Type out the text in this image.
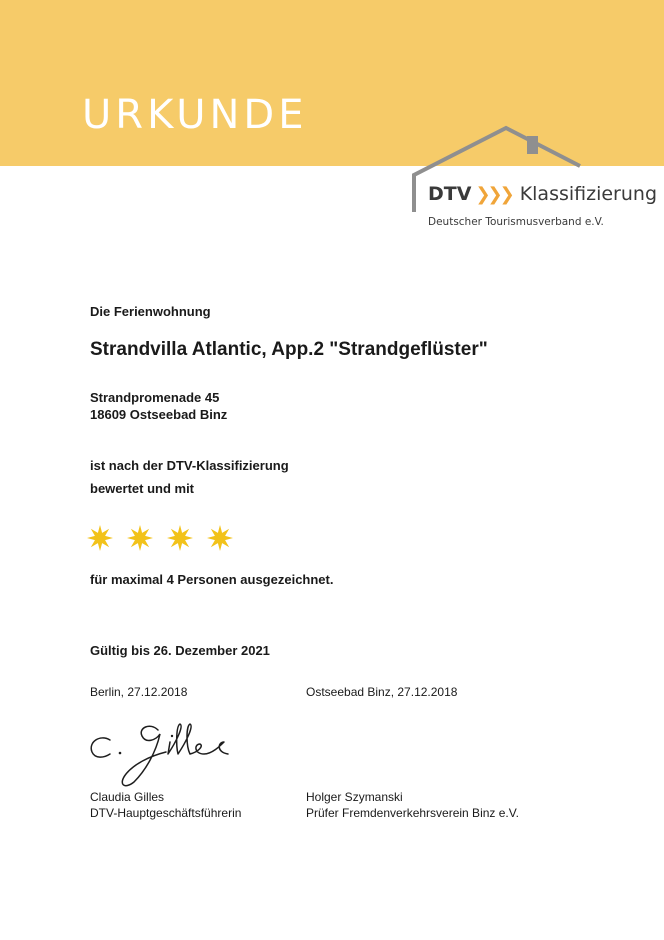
URKUNDE
DTV ❯❯❯ Klassifizierung
Deutscher Tourismusverband e.V.

Die Ferienwohnung

Strandvilla Atlantic, App.2 "Strandgeflüster"

Strandpromenade 45

18609 Ostseebad Binz

ist nach der DTV-Klassifizierung

bewertet und mit

für maximal 4 Personen ausgezeichnet.

Gültig bis 26. Dezember 2021

Berlin, 27.12.2018	Ostseebad Binz, 27.12.2018

Claudia Gilles

DTV-Hauptgeschäftsführerin

Holger Szymanski

Prüfer Fremdenverkehrsverein Binz e.V.
